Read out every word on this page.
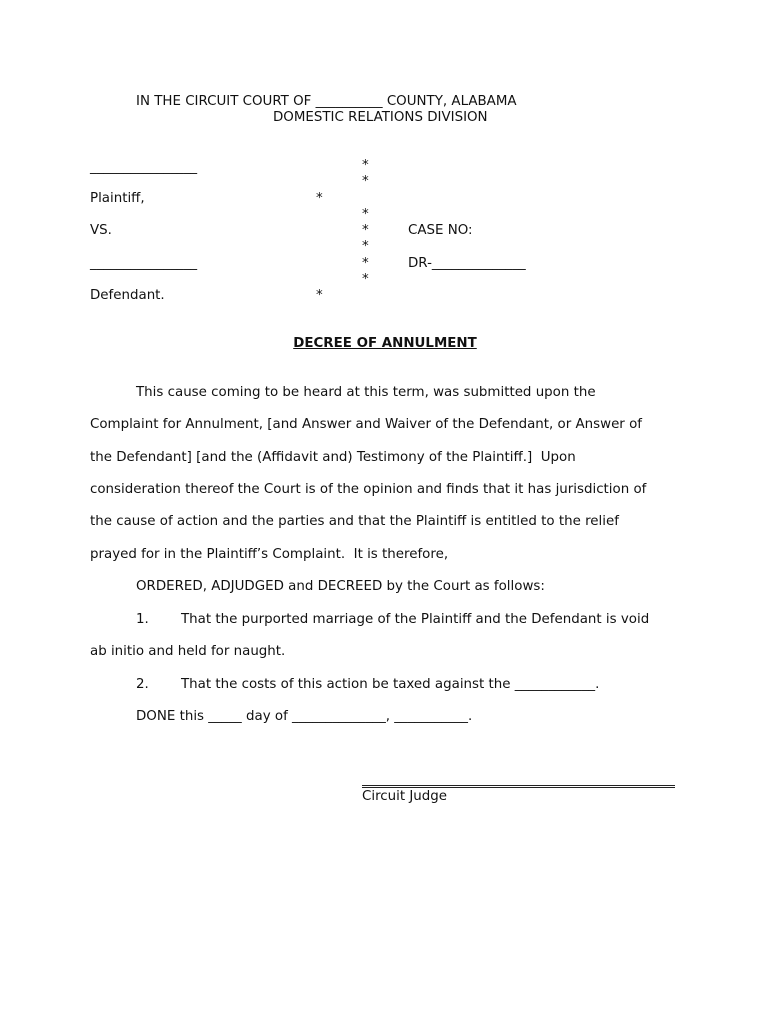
IN THE CIRCUIT COURT OF __________ COUNTY, ALABAMA
DOMESTIC RELATIONS DIVISION
________________
Plaintiff,
VS.
________________
Defendant.
*
*
*
*
*
*
*
*
*
CASE NO:
DR-______________
DECREE OF ANNULMENT
This cause coming to be heard at this term, was submitted upon the
Complaint for Annulment, [and Answer and Waiver of the Defendant, or Answer of
the Defendant] [and the (Affidavit and) Testimony of the Plaintiff.]  Upon
consideration thereof the Court is of the opinion and finds that it has jurisdiction of
the cause of action and the parties and that the Plaintiff is entitled to the relief
prayed for in the Plaintiff’s Complaint.  It is therefore,
ORDERED, ADJUDGED and DECREED by the Court as follows:
1. That the purported marriage of the Plaintiff and the Defendant is void
ab initio and held for naught.
2. That the costs of this action be taxed against the ____________.
DONE this _____ day of ______________, ___________.
Circuit Judge
